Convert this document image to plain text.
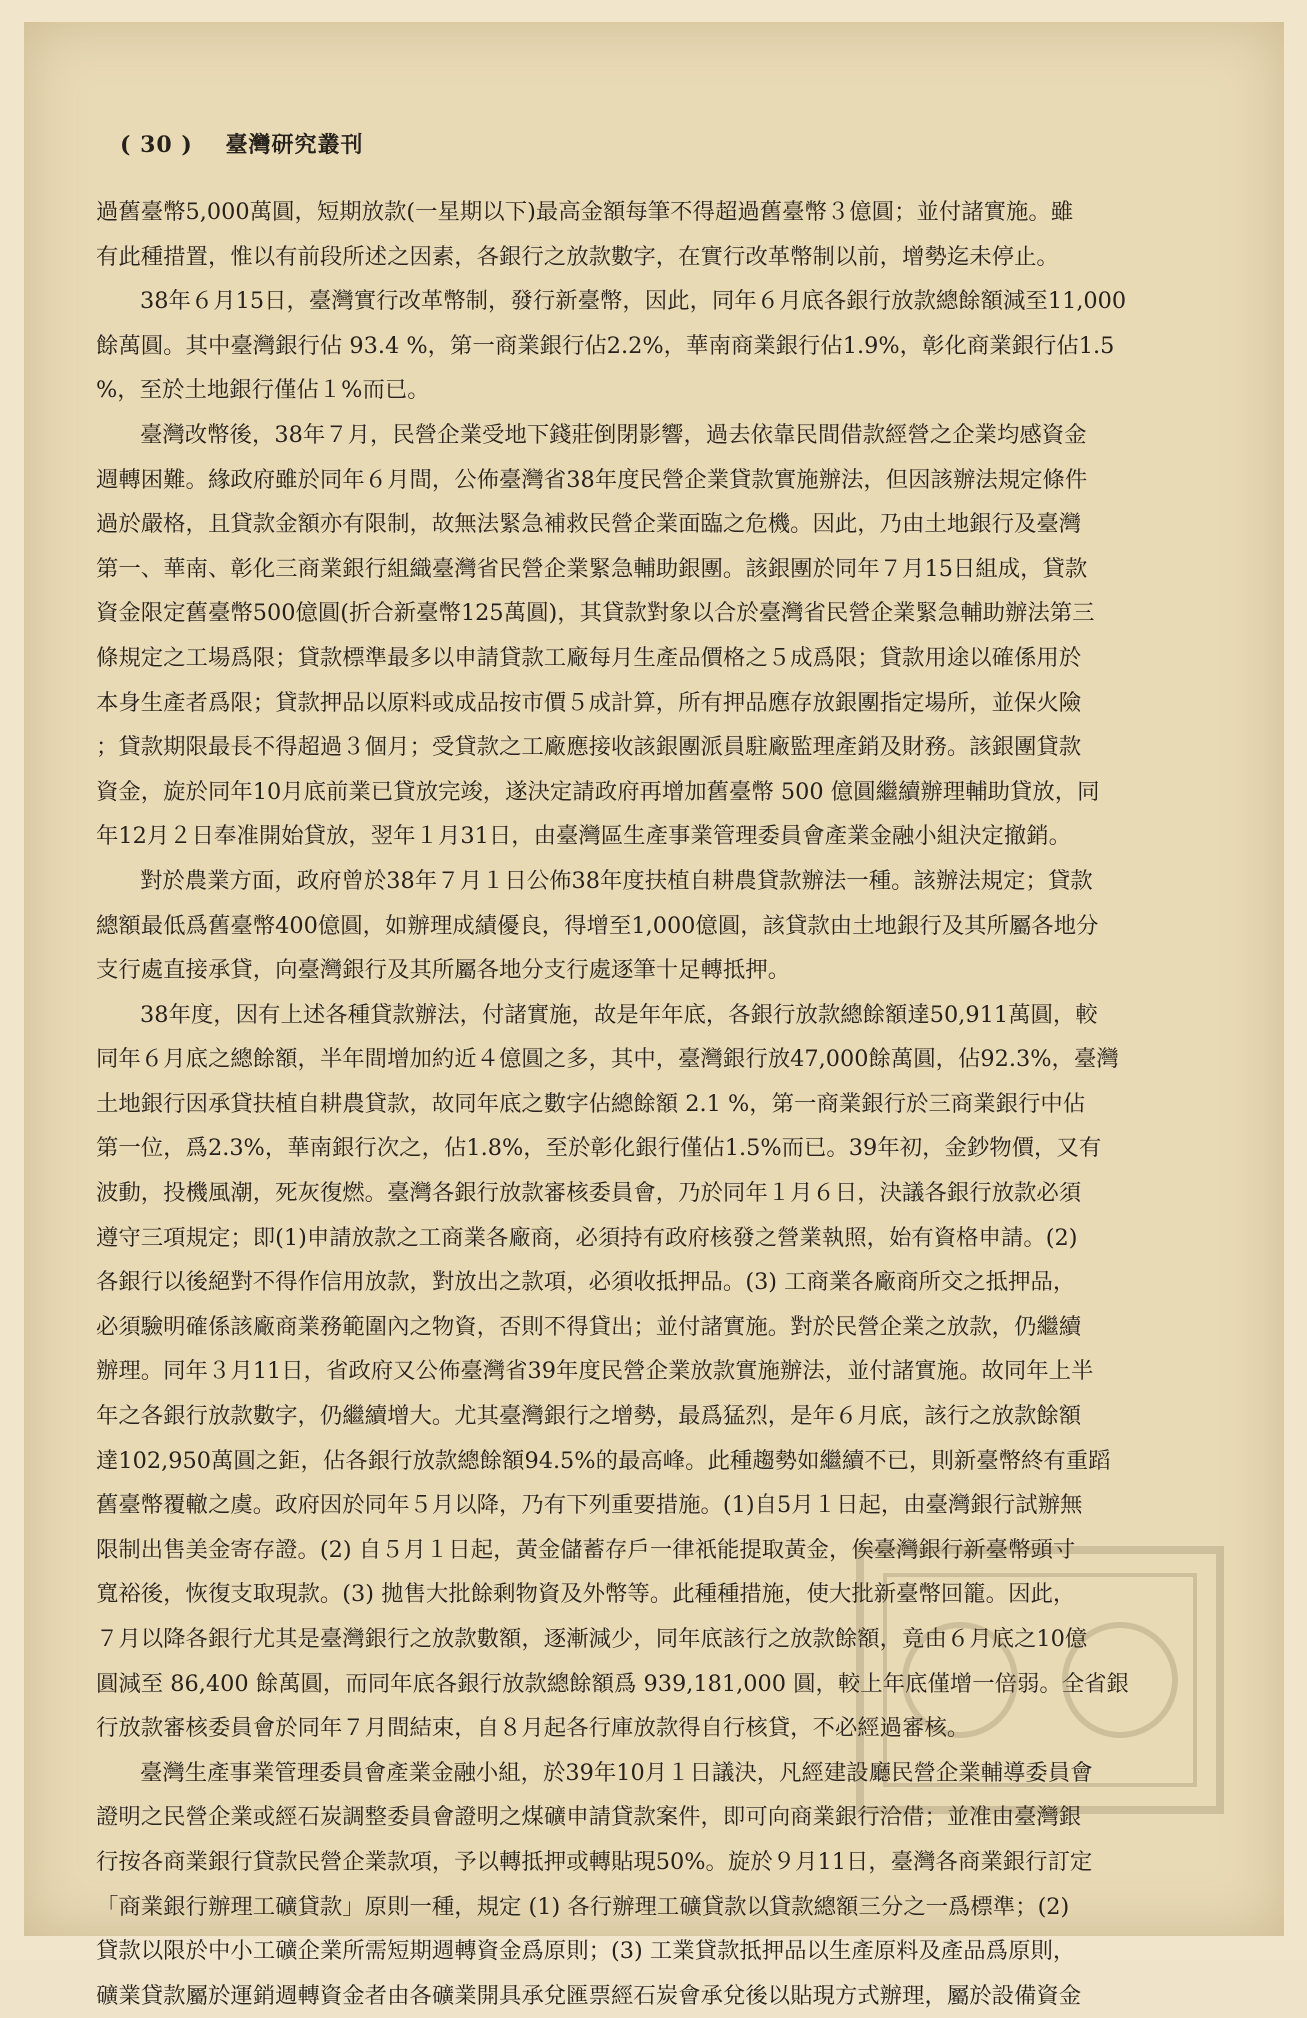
( 30 ) 臺灣研究叢刊
過舊臺幣5,000萬圓，短期放款(一星期以下)最高金額每筆不得超過舊臺幣３億圓；並付諸實施。雖
有此種措置，惟以有前段所述之因素，各銀行之放款數字，在實行改革幣制以前，增勢迄未停止。
38年６月15日，臺灣實行改革幣制，發行新臺幣，因此，同年６月底各銀行放款總餘額減至11,000
餘萬圓。其中臺灣銀行佔 93.4 %，第一商業銀行佔2.2%，華南商業銀行佔1.9%，彰化商業銀行佔1.5
%，至於土地銀行僅佔１%而已。
臺灣改幣後，38年７月，民營企業受地下錢莊倒閉影響，過去依靠民間借款經營之企業均感資金
週轉困難。緣政府雖於同年６月間，公佈臺灣省38年度民營企業貸款實施辦法，但因該辦法規定條件
過於嚴格，且貸款金額亦有限制，故無法緊急補救民營企業面臨之危機。因此，乃由土地銀行及臺灣
第一、華南、彰化三商業銀行組織臺灣省民營企業緊急輔助銀團。該銀團於同年７月15日組成，貸款
資金限定舊臺幣500億圓(折合新臺幣125萬圓)，其貸款對象以合於臺灣省民營企業緊急輔助辦法第三
條規定之工場爲限；貸款標準最多以申請貸款工廠每月生產品價格之５成爲限；貸款用途以確係用於
本身生產者爲限；貸款押品以原料或成品按市價５成計算，所有押品應存放銀團指定場所，並保火險
；貸款期限最長不得超過３個月；受貸款之工廠應接收該銀團派員駐廠監理產銷及財務。該銀團貸款
資金，旋於同年10月底前業已貸放完竣，遂決定請政府再增加舊臺幣 500 億圓繼續辦理輔助貸放，同
年12月２日奉准開始貸放，翌年１月31日，由臺灣區生產事業管理委員會產業金融小組決定撤銷。
對於農業方面，政府曾於38年７月１日公佈38年度扶植自耕農貸款辦法一種。該辦法規定；貸款
總額最低爲舊臺幣400億圓，如辦理成績優良，得增至1,000億圓，該貸款由土地銀行及其所屬各地分
支行處直接承貸，向臺灣銀行及其所屬各地分支行處逐筆十足轉抵押。
38年度，因有上述各種貸款辦法，付諸實施，故是年年底，各銀行放款總餘額達50,911萬圓，較
同年６月底之總餘額，半年間增加約近４億圓之多，其中，臺灣銀行放47,000餘萬圓，佔92.3%，臺灣
土地銀行因承貸扶植自耕農貸款，故同年底之數字佔總餘額 2.1 %，第一商業銀行於三商業銀行中佔
第一位，爲2.3%，華南銀行次之，佔1.8%，至於彰化銀行僅佔1.5%而已。39年初，金鈔物價，又有
波動，投機風潮，死灰復燃。臺灣各銀行放款審核委員會，乃於同年１月６日，決議各銀行放款必須
遵守三項規定；即(1)申請放款之工商業各廠商，必須持有政府核發之營業執照，始有資格申請。(2)
各銀行以後絕對不得作信用放款，對放出之款項，必須收抵押品。(3) 工商業各廠商所交之抵押品，
必須驗明確係該廠商業務範圍內之物資，否則不得貸出；並付諸實施。對於民營企業之放款，仍繼續
辦理。同年３月11日，省政府又公佈臺灣省39年度民營企業放款實施辦法，並付諸實施。故同年上半
年之各銀行放款數字，仍繼續增大。尤其臺灣銀行之增勢，最爲猛烈，是年６月底，該行之放款餘額
達102,950萬圓之鉅，佔各銀行放款總餘額94.5%的最高峰。此種趨勢如繼續不已，則新臺幣終有重蹈
舊臺幣覆轍之虞。政府因於同年５月以降，乃有下列重要措施。(1)自5月１日起，由臺灣銀行試辦無
限制出售美金寄存證。(2) 自５月１日起，黃金儲蓄存戶一律祇能提取黃金，俟臺灣銀行新臺幣頭寸
寬裕後，恢復支取現款。(3) 拋售大批餘剩物資及外幣等。此種種措施，使大批新臺幣回籠。因此，
７月以降各銀行尤其是臺灣銀行之放款數額，逐漸減少，同年底該行之放款餘額，竟由６月底之10億
圓減至 86,400 餘萬圓，而同年底各銀行放款總餘額爲 939,181,000 圓，較上年底僅增一倍弱。全省銀
行放款審核委員會於同年７月間結束，自８月起各行庫放款得自行核貸，不必經過審核。
臺灣生產事業管理委員會產業金融小組，於39年10月１日議決，凡經建設廳民營企業輔導委員會
證明之民營企業或經石炭調整委員會證明之煤礦申請貸款案件，即可向商業銀行洽借；並准由臺灣銀
行按各商業銀行貸款民營企業款項，予以轉抵押或轉貼現50%。旋於９月11日，臺灣各商業銀行訂定
「商業銀行辦理工礦貸款」原則一種，規定 (1) 各行辦理工礦貸款以貸款總額三分之一爲標準；(2)
貸款以限於中小工礦企業所需短期週轉資金爲原則；(3) 工業貸款抵押品以生產原料及產品爲原則，
礦業貸款屬於運銷週轉資金者由各礦業開具承兌匯票經石炭會承兌後以貼現方式辦理，屬於設備資金
